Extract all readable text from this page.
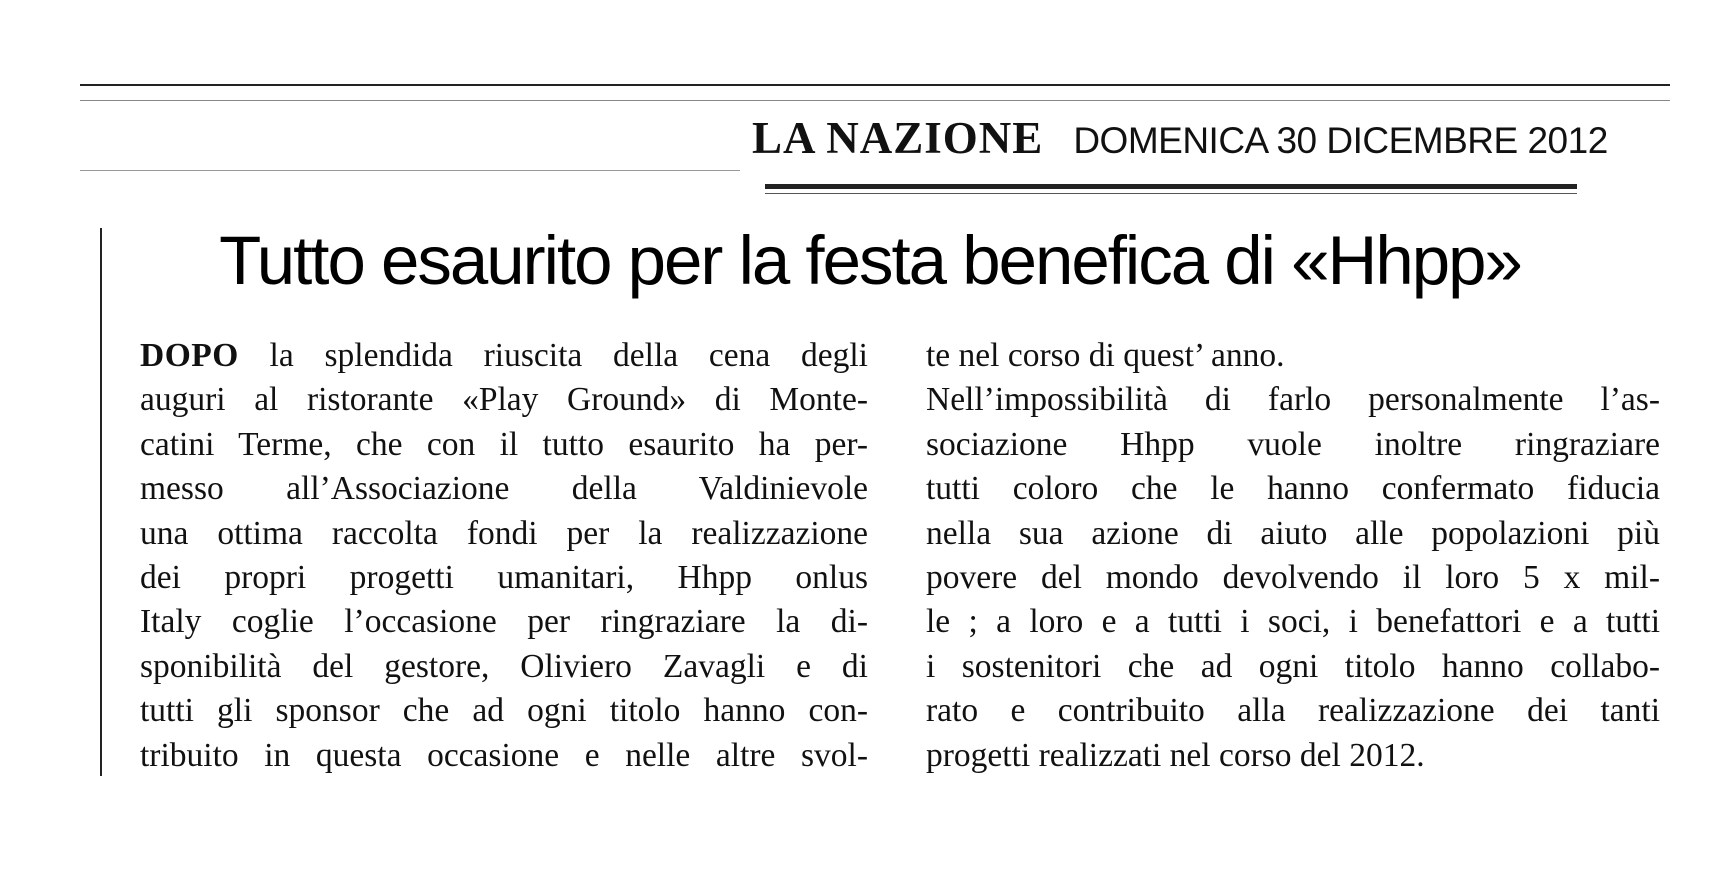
LA NAZIONE DOMENICA 30 DICEMBRE 2012
Tutto esaurito per la festa benefica di «Hhpp»
DOPO la splendida riuscita della cena degli
auguri al ristorante «Play Ground» di Monte-
catini Terme, che con il tutto esaurito ha per-
messo all’Associazione della Valdinievole
una ottima raccolta fondi per la realizzazione
dei propri progetti umanitari, Hhpp onlus
Italy coglie l’occasione per ringraziare la di-
sponibilità del gestore, Oliviero Zavagli e di
tutti gli sponsor che ad ogni titolo hanno con-
tribuito in questa occasione e nelle altre svol-
te nel corso di quest’ anno.
Nell’impossibilità di farlo personalmente l’as-
sociazione Hhpp vuole inoltre ringraziare
tutti coloro che le hanno confermato fiducia
nella sua azione di aiuto alle popolazioni più
povere del mondo devolvendo il loro 5 x mil-
le ; a loro e a tutti i soci, i benefattori e a tutti
i sostenitori che ad ogni titolo hanno collabo-
rato e contribuito alla realizzazione dei tanti
progetti realizzati nel corso del 2012.
